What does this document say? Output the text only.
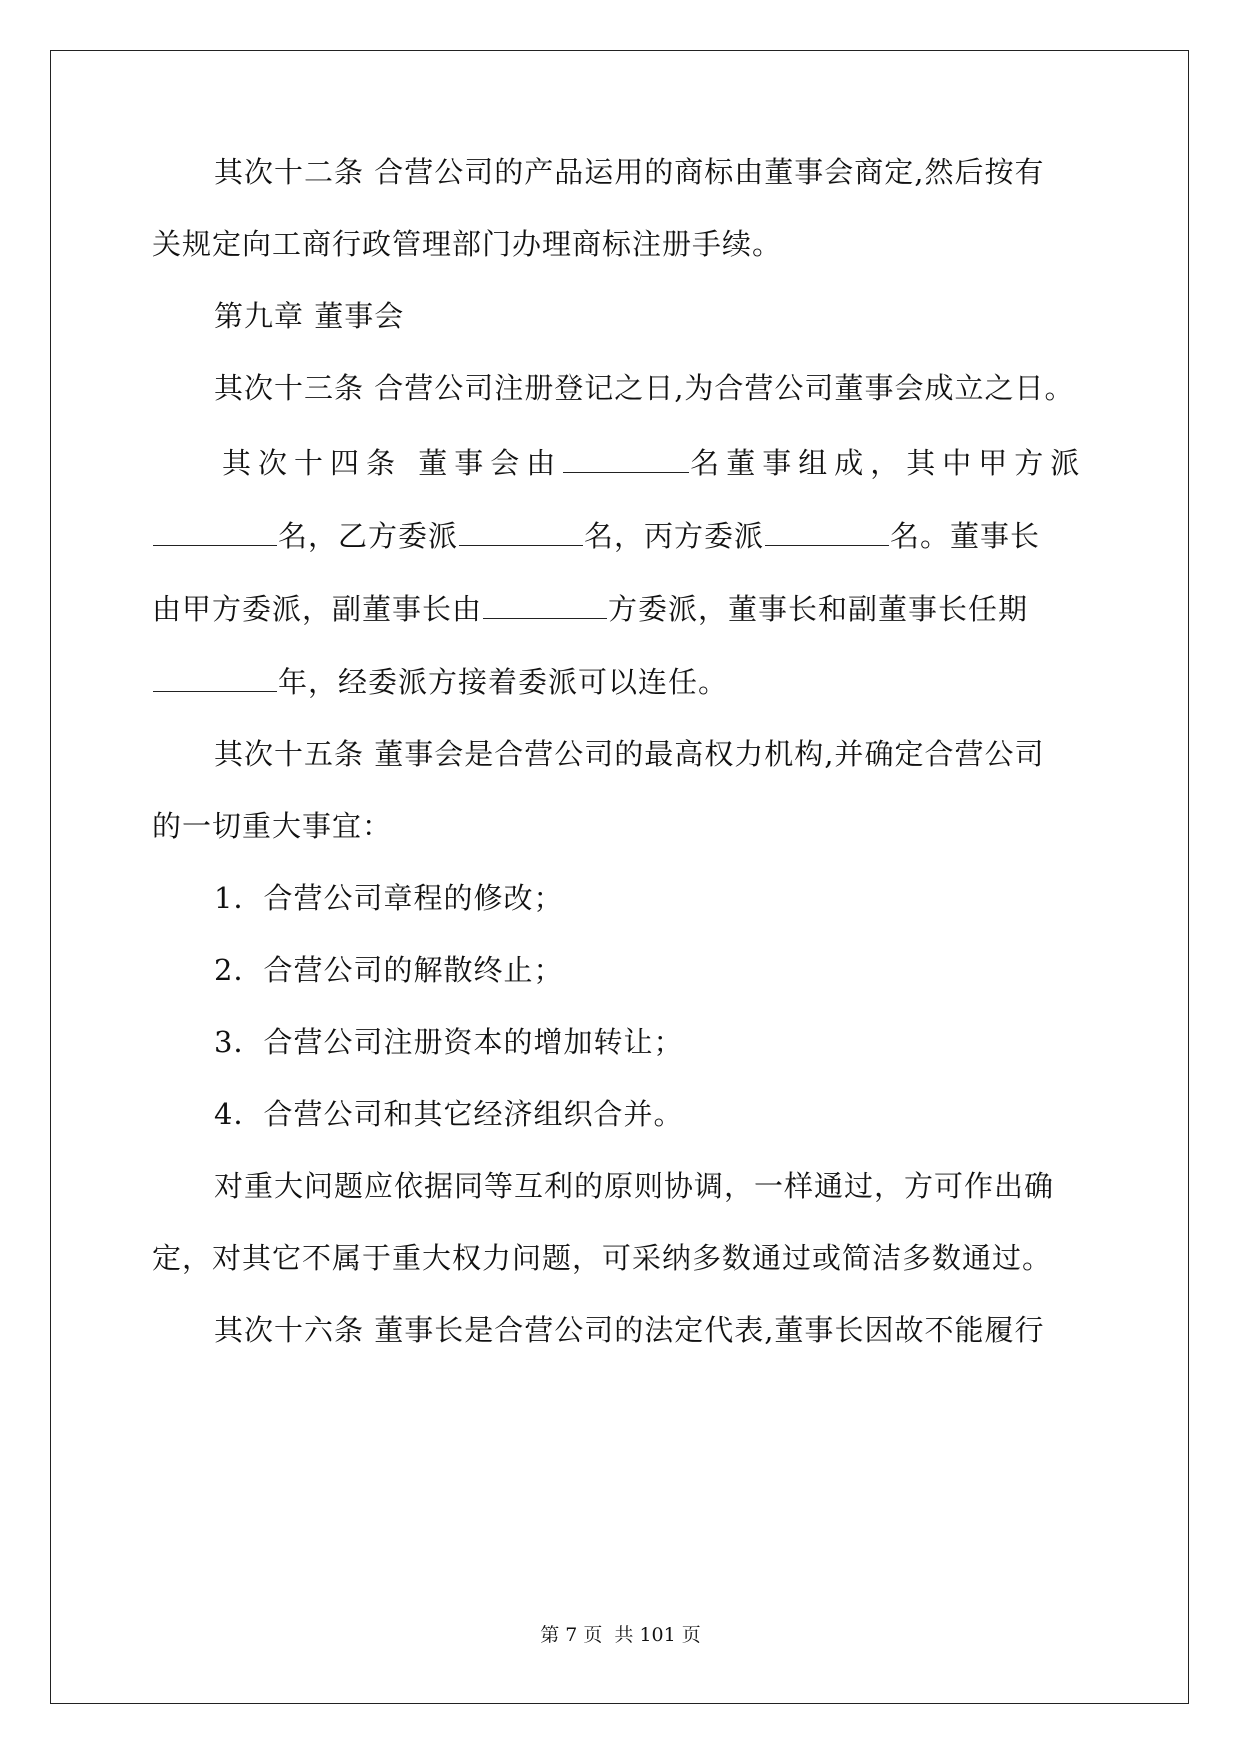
其次十二条 合营公司的产品运用的商标由董事会商定,然后按有
关规定向工商行政管理部门办理商标注册手续。
第九章 董事会
其次十三条 合营公司注册登记之日,为合营公司董事会成立之日。
其次十四条 董事会由	名董事组成，其中甲方派
名，乙方委派	名，丙方委派	名。董事长
由甲方委派，副董事长由	方委派，董事长和副董事长任期
年，经委派方接着委派可以连任。
其次十五条 董事会是合营公司的最高权力机构,并确定合营公司
的一切重大事宜：
1．合营公司章程的修改；
2．合营公司的解散终止；
3．合营公司注册资本的增加转让；
4．合营公司和其它经济组织合并。
对重大问题应依据同等互利的原则协调，一样通过，方可作出确
定，对其它不属于重大权力问题，可采纳多数通过或简洁多数通过。
其次十六条 董事长是合营公司的法定代表,董事长因故不能履行
第 7 页 共 101 页
